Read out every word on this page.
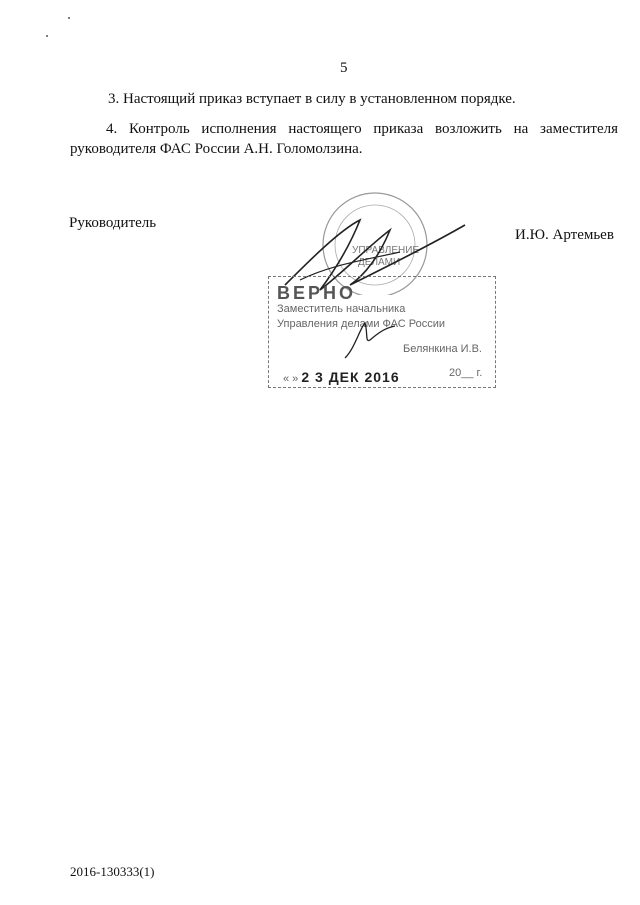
5

3. Настоящий приказ вступает в силу в установленном порядке.

4. Контроль исполнения настоящего приказа возложить на заместителя
руководителя ФАС России А.Н. Голомолзина.
Руководитель
И.Ю. Артемьев
УПРАВЛЕНИЕ
ДЕЛАМИ
ВЕРНО
Заместитель начальника
Управления делами ФАС России
Белянкина И.В.
« » 2 3 ДЕК 2016	20__ г.
2016-130333(1)
